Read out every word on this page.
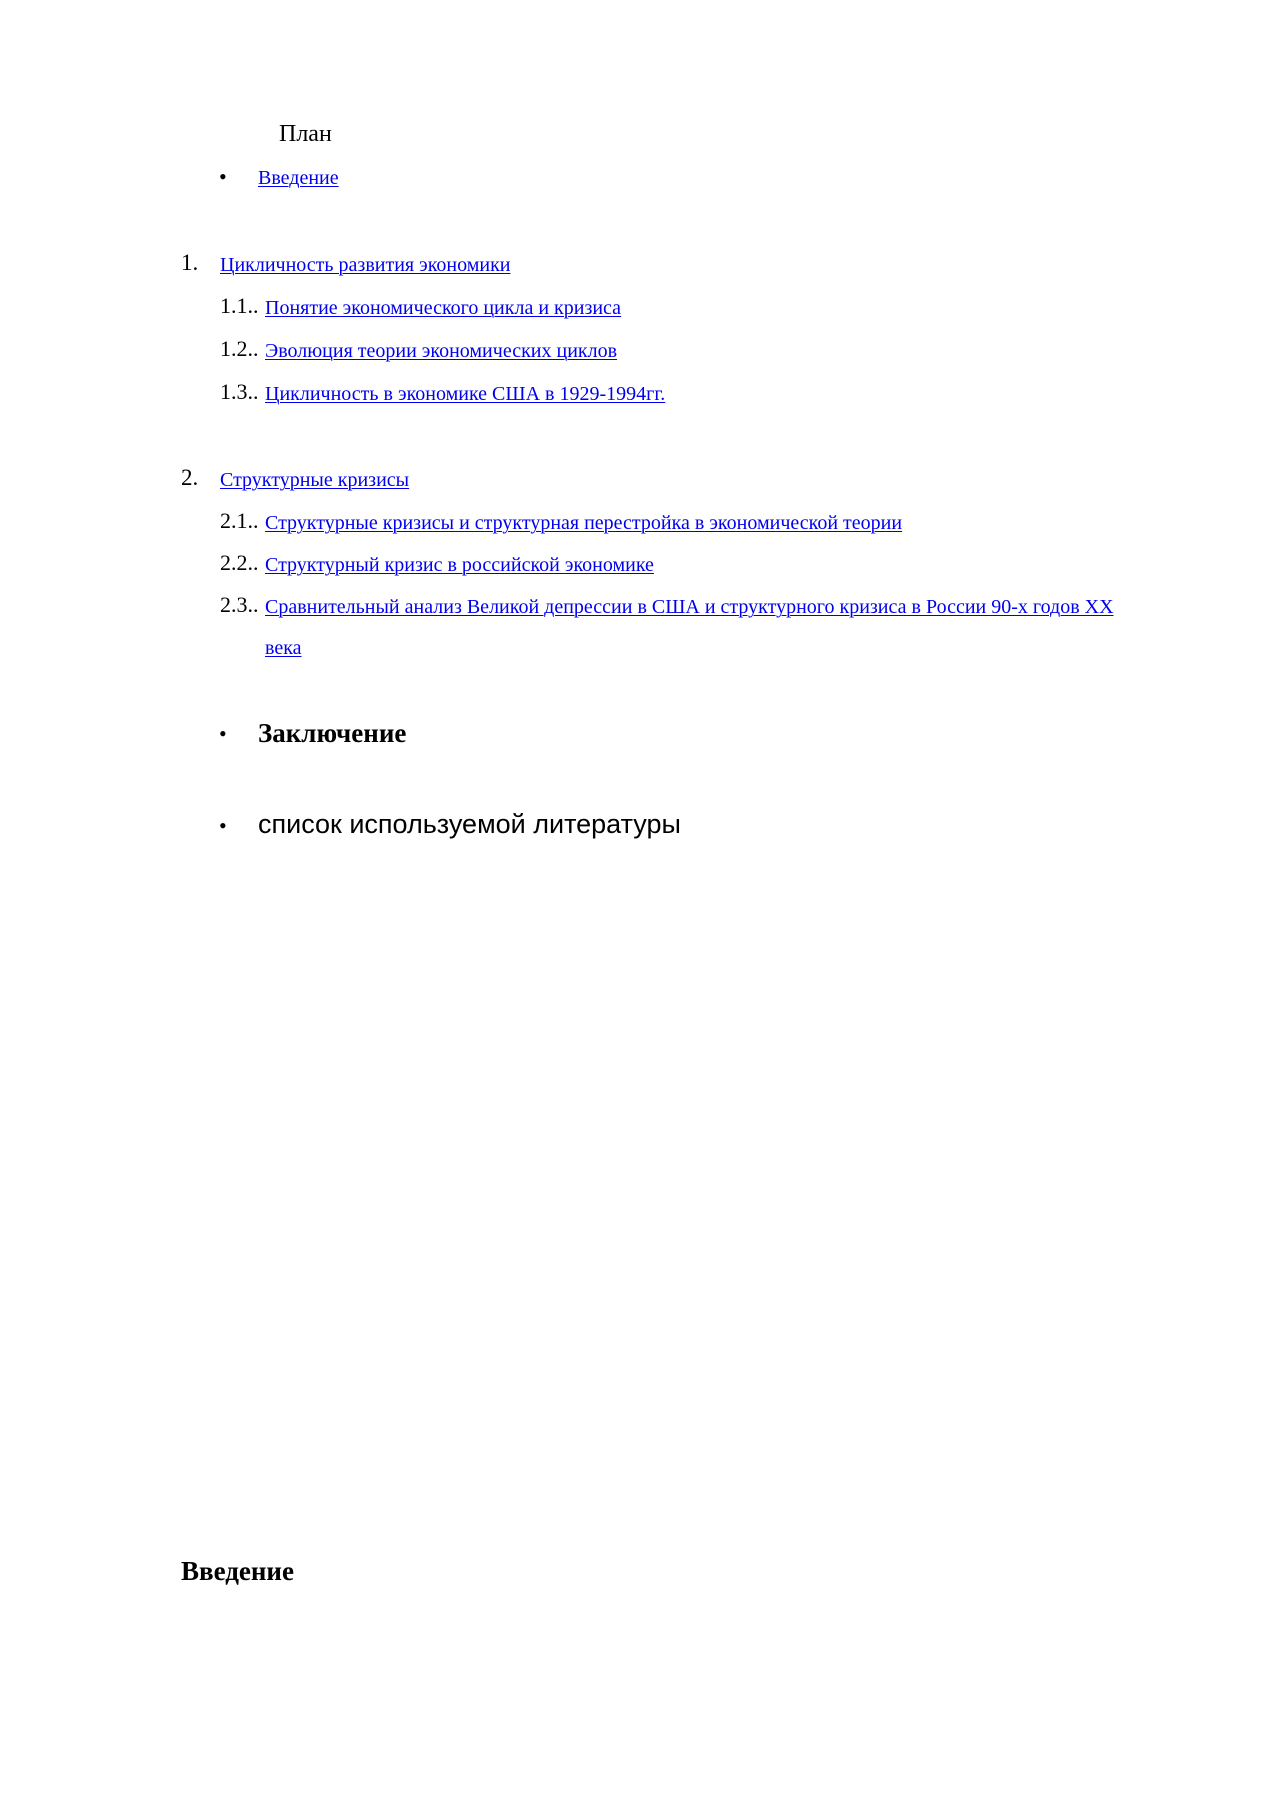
План
• Введение
1. Цикличность развития экономики
1.1.. Понятие экономического цикла и кризиса
1.2.. Эволюция теории экономических циклов
1.3.. Цикличность в экономике США в 1929-1994гг.
2. Структурные кризисы
2.1.. Структурные кризисы и структурная перестройка в экономической теории
2.2.. Структурный кризис в российской экономике
2.3.. Сравнительный анализ Великой депрессии в США и структурного кризиса в России 90-х годов XX
века
• Заключение
• список используемой литературы
Введение
